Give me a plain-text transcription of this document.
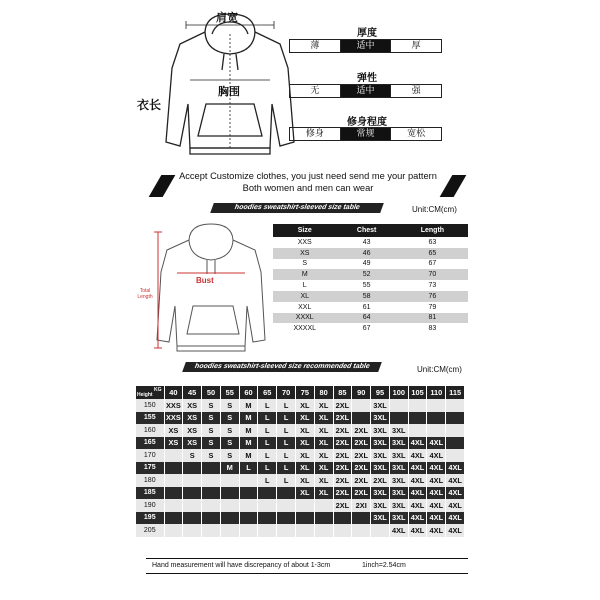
肩宽
胸围
衣长
厚度
薄	适中	厚
弹性
无	适中	强
修身程度
修身	常规	宽松
Accept Customize clothes, you just need send me your pattern
Both women and men can wear
hoodies sweatshirt-sleeved size table	Unit:CM(cm)
Bust
Total Length
Size	Chest	Length
XXS	43	63
XS	46	65
S	49	67
M	52	70
L	55	73
XL	58	76
XXL	61	79
XXXL	64	81
XXXXL	67	83
hoodies sweatshirt-sleeved size recommended table	Unit:CM(cm)
KG
Height	40	45	50	55	60	65	70	75	80	85	90	95	100	105	110	115
150	XXS	XS	S	S	M	L	L	XL	XL	2XL		3XL				
155	XXS	XS	S	S	M	L	L	XL	XL	2XL		3XL				
160	XS	XS	S	S	M	L	L	XL	XL	2XL	2XL	3XL	3XL			
165	XS	XS	S	S	M	L	L	XL	XL	2XL	2XL	3XL	3XL	4XL	4XL	
170		S	S	S	M	L	L	XL	XL	2XL	2XL	3XL	3XL	4XL	4XL	
175				M	L	L	L	XL	XL	2XL	2XL	3XL	3XL	4XL	4XL	4XL
180						L	L	XL	XL	2XL	2XL	2XL	3XL	4XL	4XL	4XL
185								XL	XL	2XL	2XL	3XL	3XL	4XL	4XL	4XL
190										2XL	2XI	3XL	3XL	4XL	4XL	4XL
195												3XL	3XL	4XL	4XL	4XL
205													4XL	4XL	4XL	4XL
Hand measurement will have discrepancy of about 1-3cm	1inch=2.54cm
